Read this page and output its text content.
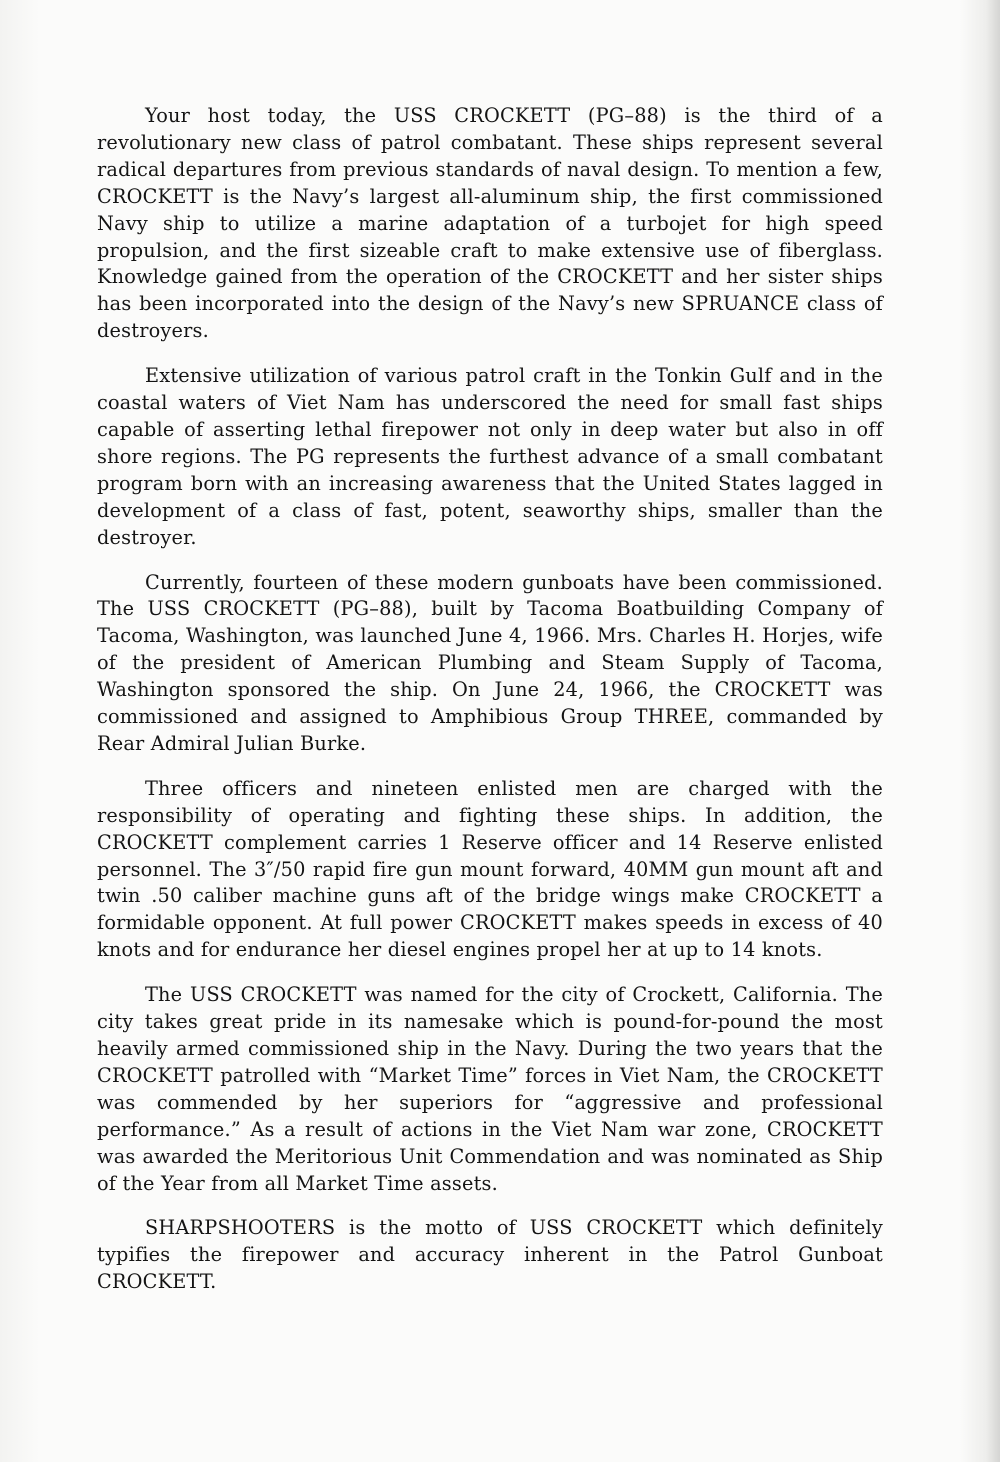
Your host today, the USS CROCKETT (PG–88) is the third of a revolutionary new class of patrol combatant. These ships represent several radical departures from previous standards of naval design. To mention a few, CROCKETT is the Navy’s largest all-aluminum ship, the first commissioned Navy ship to utilize a marine adaptation of a turbojet for high speed propulsion, and the first sizeable craft to make extensive use of fiberglass. Knowledge gained from the operation of the CROCKETT and her sister ships has been incorporated into the design of the Navy’s new SPRUANCE class of destroyers.

Extensive utilization of various patrol craft in the Tonkin Gulf and in the coastal waters of Viet Nam has underscored the need for small fast ships capable of asserting lethal firepower not only in deep water but also in off shore regions. The PG represents the furthest advance of a small combatant program born with an increasing awareness that the United States lagged in development of a class of fast, potent, seaworthy ships, smaller than the destroyer.

Currently, fourteen of these modern gunboats have been commissioned. The USS CROCKETT (PG–88), built by Tacoma Boatbuilding Company of Tacoma, Washington, was launched June 4, 1966. Mrs. Charles H. Horjes, wife of the president of American Plumbing and Steam Supply of Tacoma, Washington sponsored the ship. On June 24, 1966, the CROCKETT was commissioned and assigned to Amphibious Group THREE, commanded by Rear Admiral Julian Burke.

Three officers and nineteen enlisted men are charged with the responsibility of operating and fighting these ships. In addition, the CROCKETT complement carries 1 Reserve officer and 14 Reserve enlisted personnel. The 3″/50 rapid fire gun mount forward, 40MM gun mount aft and twin .50 caliber machine guns aft of the bridge wings make CROCKETT a formidable opponent. At full power CROCKETT makes speeds in excess of 40 knots and for endurance her diesel engines propel her at up to 14 knots.

The USS CROCKETT was named for the city of Crockett, California. The city takes great pride in its namesake which is pound-for-pound the most heavily armed commissioned ship in the Navy. During the two years that the CROCKETT patrolled with “Market Time” forces in Viet Nam, the CROCKETT was commended by her superiors for “aggressive and professional performance.” As a result of actions in the Viet Nam war zone, CROCKETT was awarded the Meritorious Unit Commendation and was nominated as Ship of the Year from all Market Time assets.

SHARPSHOOTERS is the motto of USS CROCKETT which definitely typifies the firepower and accuracy inherent in the Patrol Gunboat CROCKETT.
